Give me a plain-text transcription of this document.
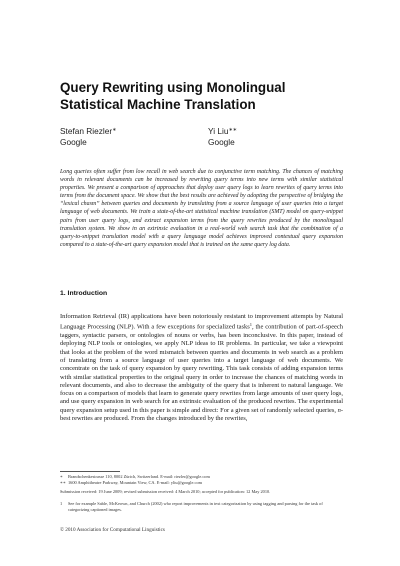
Query Rewriting using Monolingual
Statistical Machine Translation
Stefan Riezler∗
Google
Yi Liu∗∗
Google
Long queries often suffer from low recall in web search due to conjunctive term matching. The chances of matching words in relevant documents can be increased by rewriting query terms into new terms with similar statistical properties. We present a comparison of approaches that deploy user query logs to learn rewrites of query terms into terms from the document space. We show that the best results are achieved by adopting the perspective of bridging the “lexical chasm” between queries and documents by translating from a source language of user queries into a target language of web documents. We train a state-of-the-art statistical machine translation (SMT) model on query-snippet pairs from user query logs, and extract expansion terms from the query rewrites produced by the monolingual translation system. We show in an extrinsic evaluation in a real-world web search task that the combination of a query-to-snippet translation model with a query language model achieves improved contextual query expansion compared to a state-of-the-art query expansion model that is trained on the same query log data.
1. Introduction
Information Retrieval (IR) applications have been notoriously resistant to improvement attempts by Natural Language Processing (NLP). With a few exceptions for specialized tasks$^1$, the contribution of part-of-speech taggers, syntactic parsers, or ontologies of nouns or verbs, has been inconclusive. In this paper, instead of deploying NLP tools or ontologies, we apply NLP ideas to IR problems. In particular, we take a viewpoint that looks at the problem of the word mismatch between queries and documents in web search as a problem of translating from a source language of user queries into a target language of web documents. We concentrate on the task of query expansion by query rewriting. This task consists of adding expansion terms with similar statistical properties to the original query in order to increase the chances of matching words in relevant documents, and also to decrease the ambiguity of the query that is inherent to natural language. We focus on a comparison of models that learn to generate query rewrites from large amounts of user query logs, and use query expansion in web search for an extrinsic evaluation of the produced rewrites. The experimental query expansion setup used in this paper is simple and direct: For a given set of randomly selected queries, n-best rewrites are produced. From the changes introduced by the rewrites,
∗	Brandschenkestrasse 110, 8002 Zürich, Switzerland. E-mail: riezler@google.com
∗∗ 1600 Amphitheatre Parkway, Mountain View, CA. E-mail: yliu@google.com
Submission received: 19 June 2009; revised submission received: 4 March 2010; accepted for publication: 12 May 2010.
1	See for example Sable, McKeown, and Church (2002) who report improvements in text categorization by using tagging and parsing for the task of categorizing captioned images.
© 2010 Association for Computational Linguistics
